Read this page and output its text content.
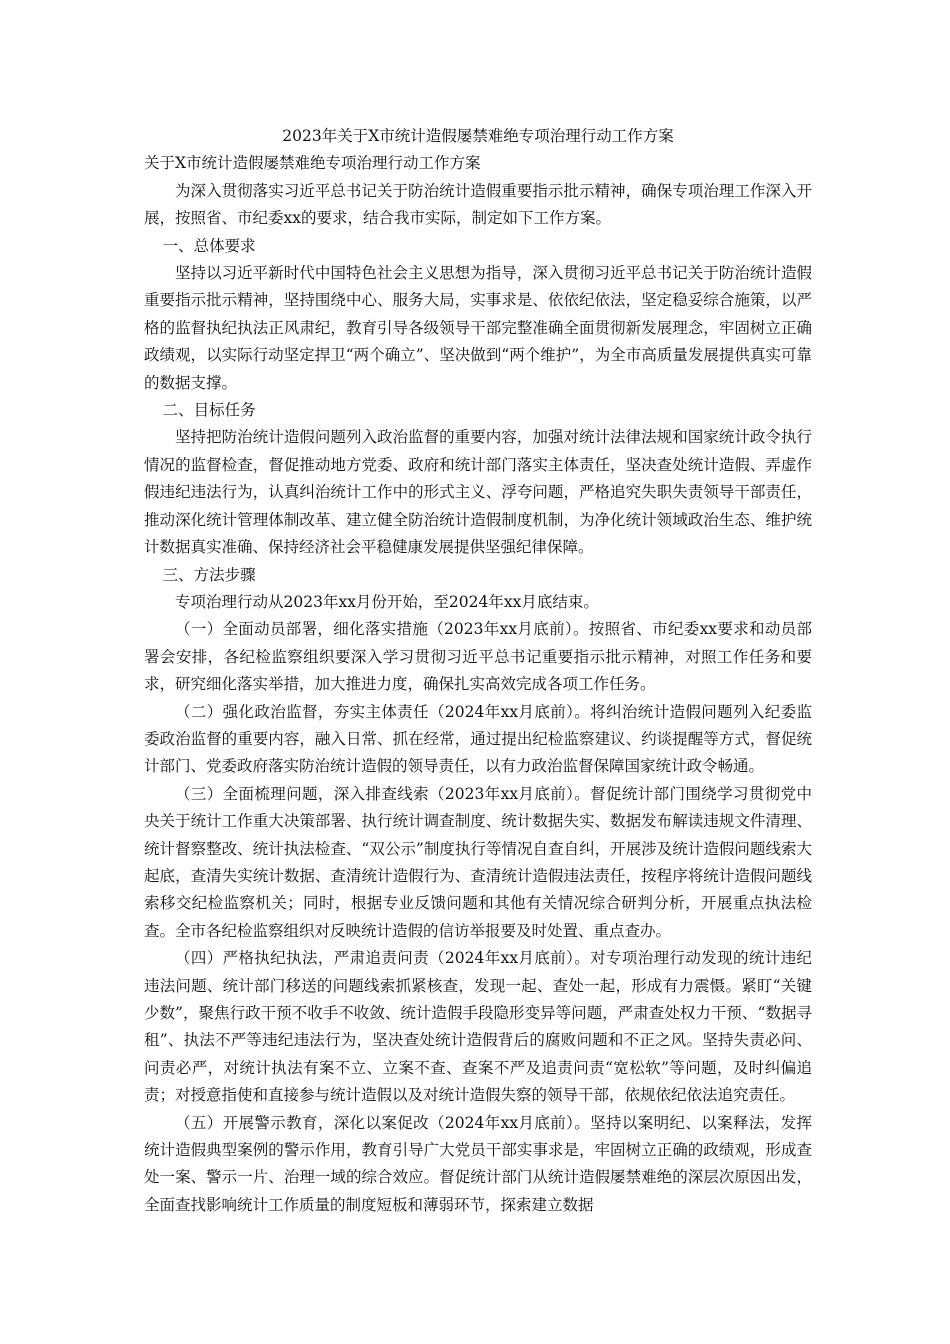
2023年关于X市统计造假屡禁难绝专项治理行动工作方案

关于X市统计造假屡禁难绝专项治理行动工作方案

为深入贯彻落实习近平总书记关于防治统计造假重要指示批示精神，确保专项治理工作深入开展，按照省、市纪委xx的要求，结合我市实际，制定如下工作方案。

一、总体要求

坚持以习近平新时代中国特色社会主义思想为指导，深入贯彻习近平总书记关于防治统计造假重要指示批示精神，坚持围绕中心、服务大局，实事求是、依依纪依法，坚定稳妥综合施策，以严格的监督执纪执法正风肃纪，教育引导各级领导干部完整准确全面贯彻新发展理念，牢固树立正确政绩观，以实际行动坚定捍卫“两个确立”、坚决做到“两个维护”，为全市高质量发展提供真实可靠的数据支撑。

二、目标任务

坚持把防治统计造假问题列入政治监督的重要内容，加强对统计法律法规和国家统计政令执行情况的监督检查，督促推动地方党委、政府和统计部门落实主体责任，坚决查处统计造假、弄虚作假违纪违法行为，认真纠治统计工作中的形式主义、浮夸问题，严格追究失职失责领导干部责任，推动深化统计管理体制改革、建立健全防治统计造假制度机制，为净化统计领域政治生态、维护统计数据真实准确、保持经济社会平稳健康发展提供坚强纪律保障。

三、方法步骤

专项治理行动从2023年xx月份开始，至2024年xx月底结束。

（一）全面动员部署，细化落实措施（2023年xx月底前）。按照省、市纪委xx要求和动员部署会安排，各纪检监察组织要深入学习贯彻习近平总书记重要指示批示精神，对照工作任务和要求，研究细化落实举措，加大推进力度，确保扎实高效完成各项工作任务。

（二）强化政治监督，夯实主体责任（2024年xx月底前）。将纠治统计造假问题列入纪委监委政治监督的重要内容，融入日常、抓在经常，通过提出纪检监察建议、约谈提醒等方式，督促统计部门、党委政府落实防治统计造假的领导责任，以有力政治监督保障国家统计政令畅通。

（三）全面梳理问题，深入排查线索（2023年xx月底前）。督促统计部门围绕学习贯彻党中央关于统计工作重大决策部署、执行统计调查制度、统计数据失实、数据发布解读违规文件清理、统计督察整改、统计执法检查、“双公示”制度执行等情况自查自纠，开展涉及统计造假问题线索大起底，查清失实统计数据、查清统计造假行为、查清统计造假违法责任，按程序将统计造假问题线索移交纪检监察机关；同时，根据专业反馈问题和其他有关情况综合研判分析，开展重点执法检查。全市各纪检监察组织对反映统计造假的信访举报要及时处置、重点查办。

（四）严格执纪执法，严肃追责问责（2024年xx月底前）。对专项治理行动发现的统计违纪违法问题、统计部门移送的问题线索抓紧核查，发现一起、查处一起，形成有力震慑。紧盯“关键少数”，聚焦行政干预不收手不收敛、统计造假手段隐形变异等问题，严肃查处权力干预、“数据寻租”、执法不严等违纪违法行为，坚决查处统计造假背后的腐败问题和不正之风。坚持失责必问、问责必严，对统计执法有案不立、立案不查、查案不严及追责问责“宽松软”等问题，及时纠偏追责；对授意指使和直接参与统计造假以及对统计造假失察的领导干部，依规依纪依法追究责任。

（五）开展警示教育，深化以案促改（2024年xx月底前）。坚持以案明纪、以案释法，发挥统计造假典型案例的警示作用，教育引导广大党员干部实事求是，牢固树立正确的政绩观，形成查处一案、警示一片、治理一域的综合效应。督促统计部门从统计造假屡禁难绝的深层次原因出发，全面查找影响统计工作质量的制度短板和薄弱环节，探索建立数据
